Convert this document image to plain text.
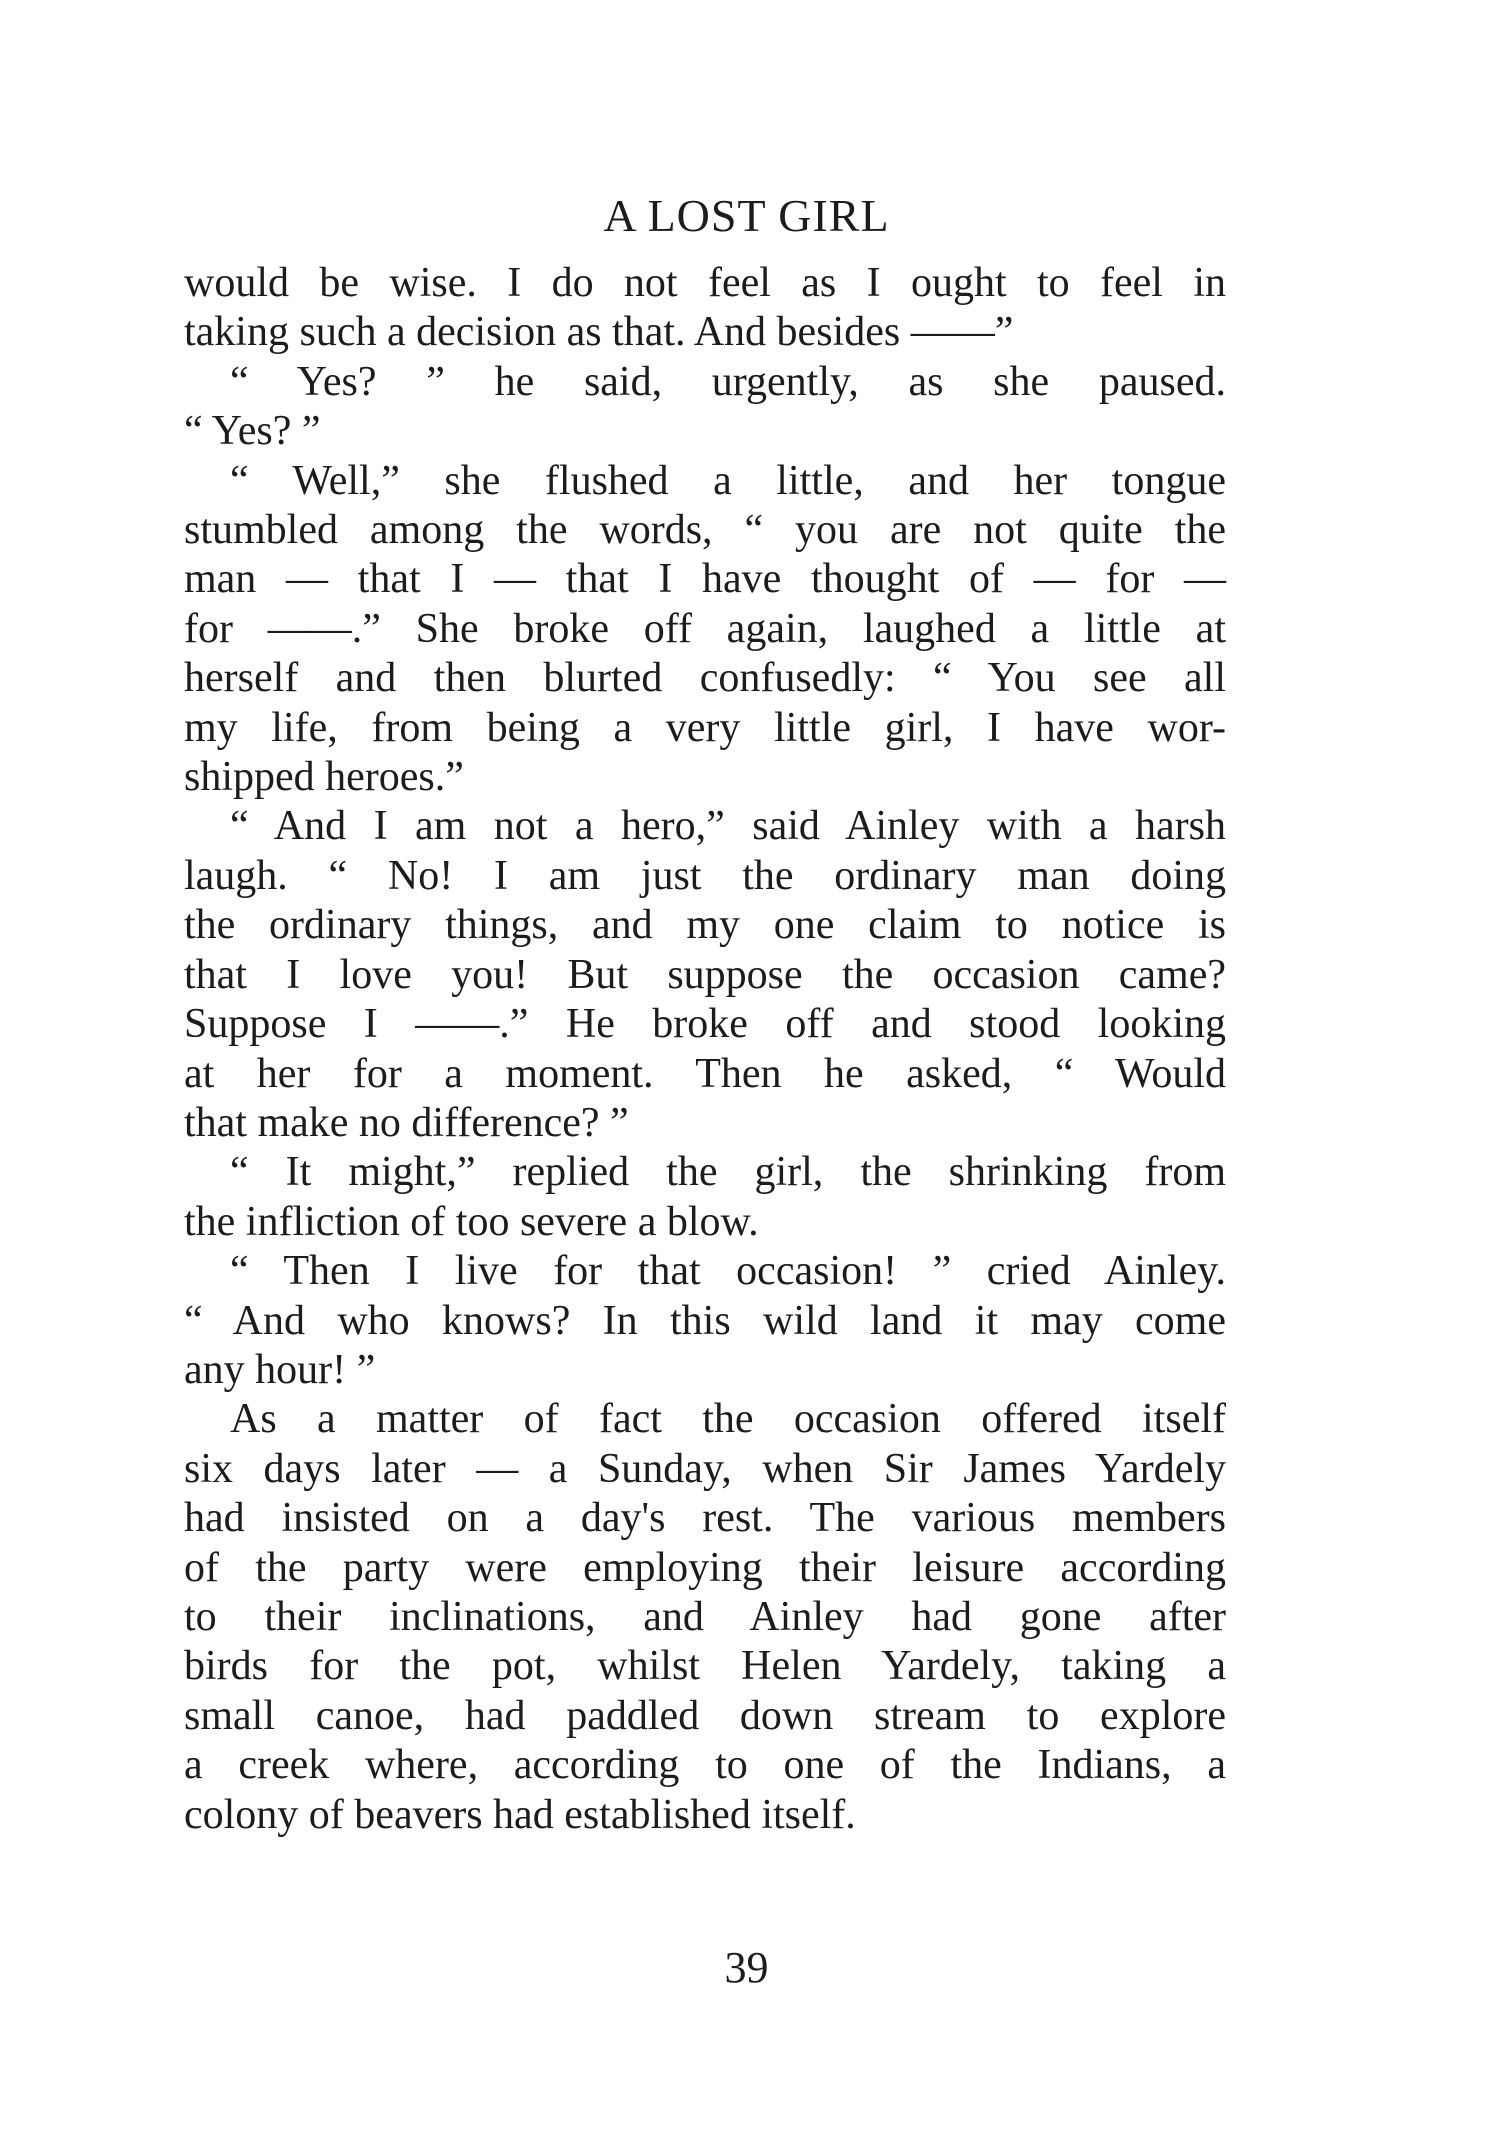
A LOST GIRL
would be wise. I do not feel as I ought to feel in
taking such a decision as that. And besides ——”
“ Yes? ” he said, urgently, as she paused.
“ Yes? ”
“ Well,” she flushed a little, and her tongue
stumbled among the words, “ you are not quite the
man — that I — that I have thought of — for —
for ——.” She broke off again, laughed a little at
herself and then blurted confusedly: “ You see all
my life, from being a very little girl, I have wor-
shipped heroes.”
“ And I am not a hero,” said Ainley with a harsh
laugh. “ No! I am just the ordinary man doing
the ordinary things, and my one claim to notice is
that I love you! But suppose the occasion came?
Suppose I ——.” He broke off and stood looking
at her for a moment. Then he asked, “ Would
that make no difference? ”
“ It might,” replied the girl, the shrinking from
the infliction of too severe a blow.
“ Then I live for that occasion! ” cried Ainley.
“ And who knows? In this wild land it may come
any hour! ”
As a matter of fact the occasion offered itself
six days later — a Sunday, when Sir James Yardely
had insisted on a day's rest. The various members
of the party were employing their leisure according
to their inclinations, and Ainley had gone after
birds for the pot, whilst Helen Yardely, taking a
small canoe, had paddled down stream to explore
a creek where, according to one of the Indians, a
colony of beavers had established itself.
39
